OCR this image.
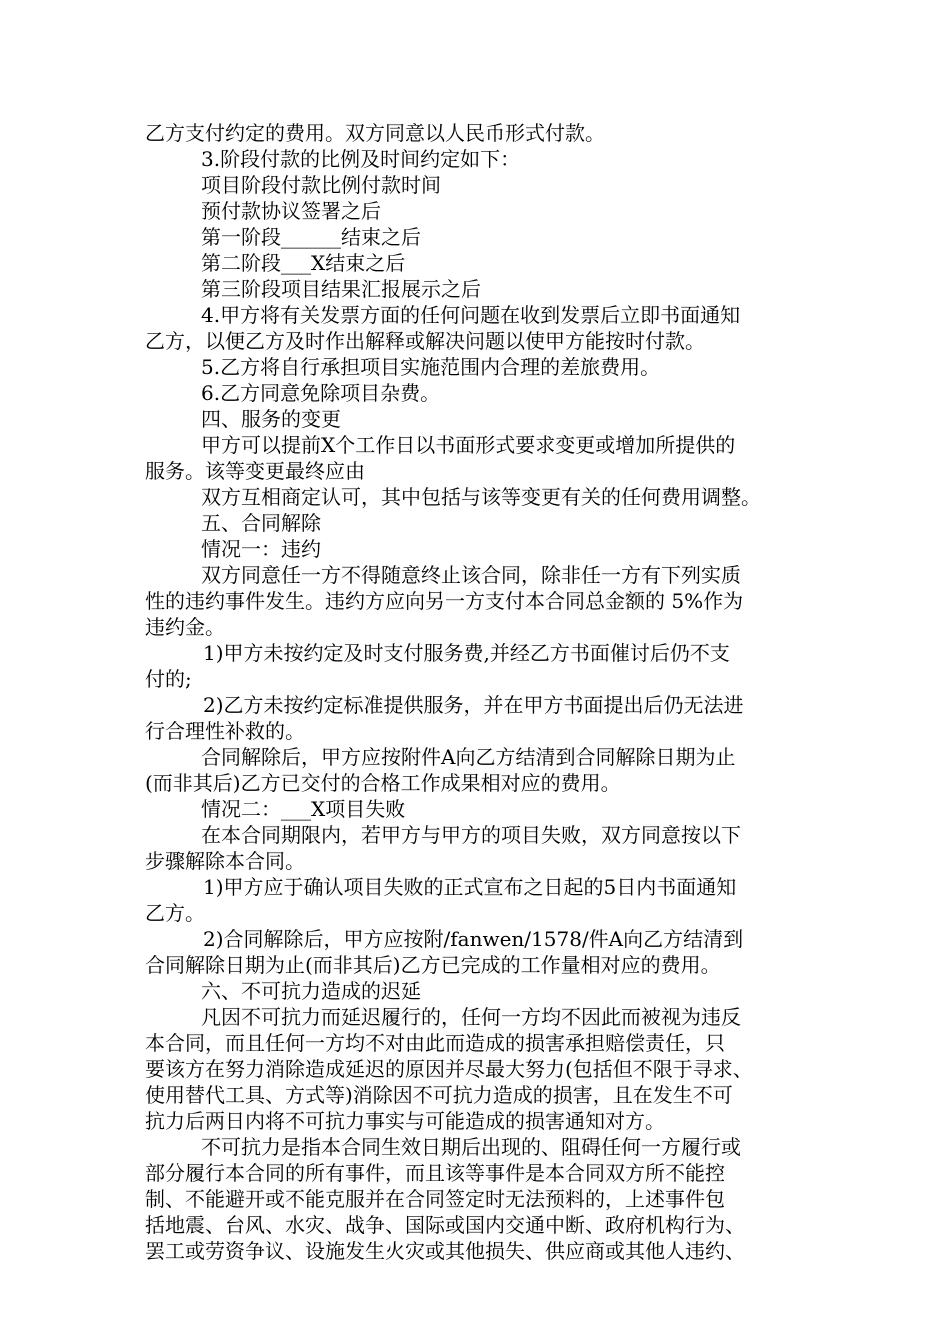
乙方支付约定的费用。双方同意以人民币形式付款。

3.阶段付款的比例及时间约定如下：

项目阶段付款比例付款时间

预付款协议签署之后

第一阶段______结束之后

第二阶段___X结束之后

第三阶段项目结果汇报展示之后

4.甲方将有关发票方面的任何问题在收到发票后立即书面通知

乙方，以便乙方及时作出解释或解决问题以使甲方能按时付款。

5.乙方将自行承担项目实施范围内合理的差旅费用。

6.乙方同意免除项目杂费。

四、服务的变更

甲方可以提前X个工作日以书面形式要求变更或增加所提供的

服务。该等变更最终应由

双方互相商定认可，其中包括与该等变更有关的任何费用调整。

五、合同解除

情况一：违约

双方同意任一方不得随意终止该合同，除非任一方有下列实质

性的违约事件发生。违约方应向另一方支付本合同总金额的 5%作为

违约金。

1)甲方未按约定及时支付服务费,并经乙方书面催讨后仍不支

付的;

2)乙方未按约定标准提供服务，并在甲方书面提出后仍无法进

行合理性补救的。

合同解除后，甲方应按附件A向乙方结清到合同解除日期为止

(而非其后)乙方已交付的合格工作成果相对应的费用。

情况二：___X项目失败

在本合同期限内，若甲方与甲方的项目失败，双方同意按以下

步骤解除本合同。

1)甲方应于确认项目失败的正式宣布之日起的5日内书面通知

乙方。

2)合同解除后，甲方应按附/fanwen/1578/件A向乙方结清到

合同解除日期为止(而非其后)乙方已完成的工作量相对应的费用。

六、不可抗力造成的迟延

凡因不可抗力而延迟履行的，任何一方均不因此而被视为违反

本合同，而且任何一方均不对由此而造成的损害承担赔偿责任，只

要该方在努力消除造成延迟的原因并尽最大努力(包括但不限于寻求、

使用替代工具、方式等)消除因不可抗力造成的损害，且在发生不可

抗力后两日内将不可抗力事实与可能造成的损害通知对方。

不可抗力是指本合同生效日期后出现的、阻碍任何一方履行或

部分履行本合同的所有事件，而且该等事件是本合同双方所不能控

制、不能避开或不能克服并在合同签定时无法预料的，上述事件包

括地震、台风、水灾、战争、国际或国内交通中断、政府机构行为、

罢工或劳资争议、设施发生火灾或其他损失、供应商或其他人违约、
